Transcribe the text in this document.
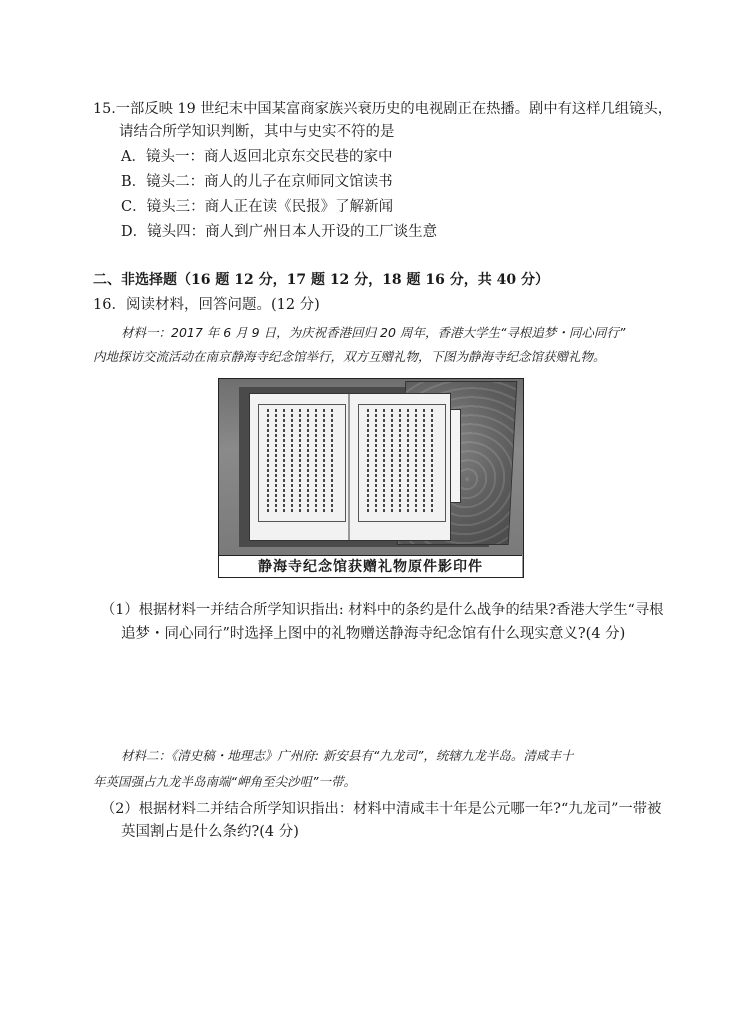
15.一部反映 19 世纪末中国某富商家族兴衰历史的电视剧正在热播。剧中有这样几组镜头，
请结合所学知识判断，其中与史实不符的是
A．镜头一：商人返回北京东交民巷的家中
B．镜头二：商人的儿子在京师同文馆读书
C．镜头三：商人正在读《民报》了解新闻
D．镜头四：商人到广州日本人开设的工厂谈生意
二、非选择题（16 题 12 分，17 题 12 分，18 题 16 分，共 40 分）
16．阅读材料，回答问题。(12 分)
材料一：2017 年 6 月 9 日，为庆祝香港回归 20 周年，香港大学生“寻根追梦・同心同行”
内地探访交流活动在南京静海寺纪念馆举行，双方互赠礼物，下图为静海寺纪念馆获赠礼物。
静海寺纪念馆获赠礼物原件影印件
（1）根据材料一并结合所学知识指出: 材料中的条约是什么战争的结果?香港大学生“寻根
追梦・同心同行”时选择上图中的礼物赠送静海寺纪念馆有什么现实意义?(4 分)
材料二：《清史稿・地理志》广州府: 新安县有“九龙司”，统辖九龙半岛。清咸丰十
年英国强占九龙半岛南端“岬角至尖沙咀”一带。
（2）根据材料二并结合所学知识指出：材料中清咸丰十年是公元哪一年?“九龙司”一带被
英国割占是什么条约?(4 分)
